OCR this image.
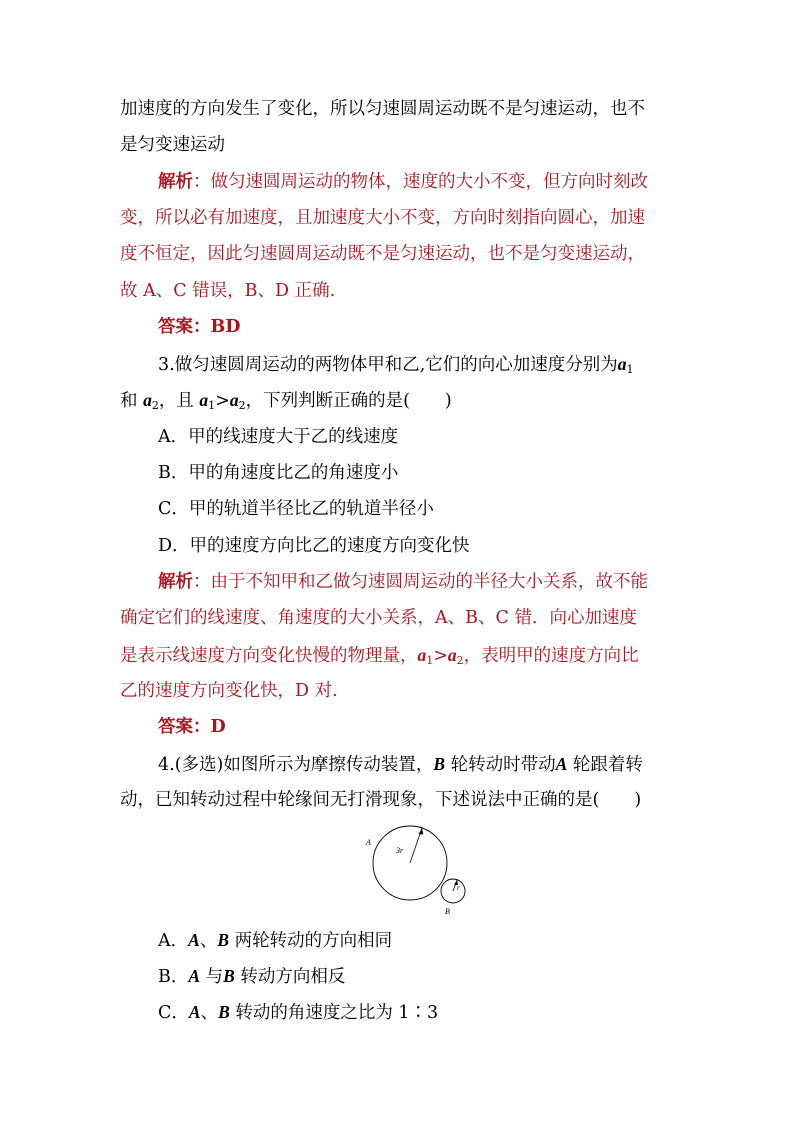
加速度的方向发生了变化，所以匀速圆周运动既不是匀速运动，也不
是匀变速运动
解析：做匀速圆周运动的物体，速度的大小不变，但方向时刻改
变，所以必有加速度，且加速度大小不变，方向时刻指向圆心，加速
度不恒定，因此匀速圆周运动既不是匀速运动，也不是匀变速运动，
故 A、C 错误，B、D 正确.
答案：BD
3.做匀速圆周运动的两物体甲和乙,它们的向心加速度分别为$a_1$
和 $a_2$，且 $a_1>a_2$，下列判断正确的是(　　)
A．甲的线速度大于乙的线速度
B．甲的角速度比乙的角速度小
C．甲的轨道半径比乙的轨道半径小
D．甲的速度方向比乙的速度方向变化快
解析：由于不知甲和乙做匀速圆周运动的半径大小关系，故不能
确定它们的线速度、角速度的大小关系，A、B、C 错．向心加速度
是表示线速度方向变化快慢的物理量，$a_1>a_2$，表明甲的速度方向比
乙的速度方向变化快，D 对.
答案：D
4.(多选)如图所示为摩擦传动装置，B 轮转动时带动A 轮跟着转
动，已知转动过程中轮缘间无打滑现象，下述说法中正确的是(　　)
3r
r
A
B
A．A、B 两轮转动的方向相同
B．A 与B 转动方向相反
C．A、B 转动的角速度之比为 1∶3
